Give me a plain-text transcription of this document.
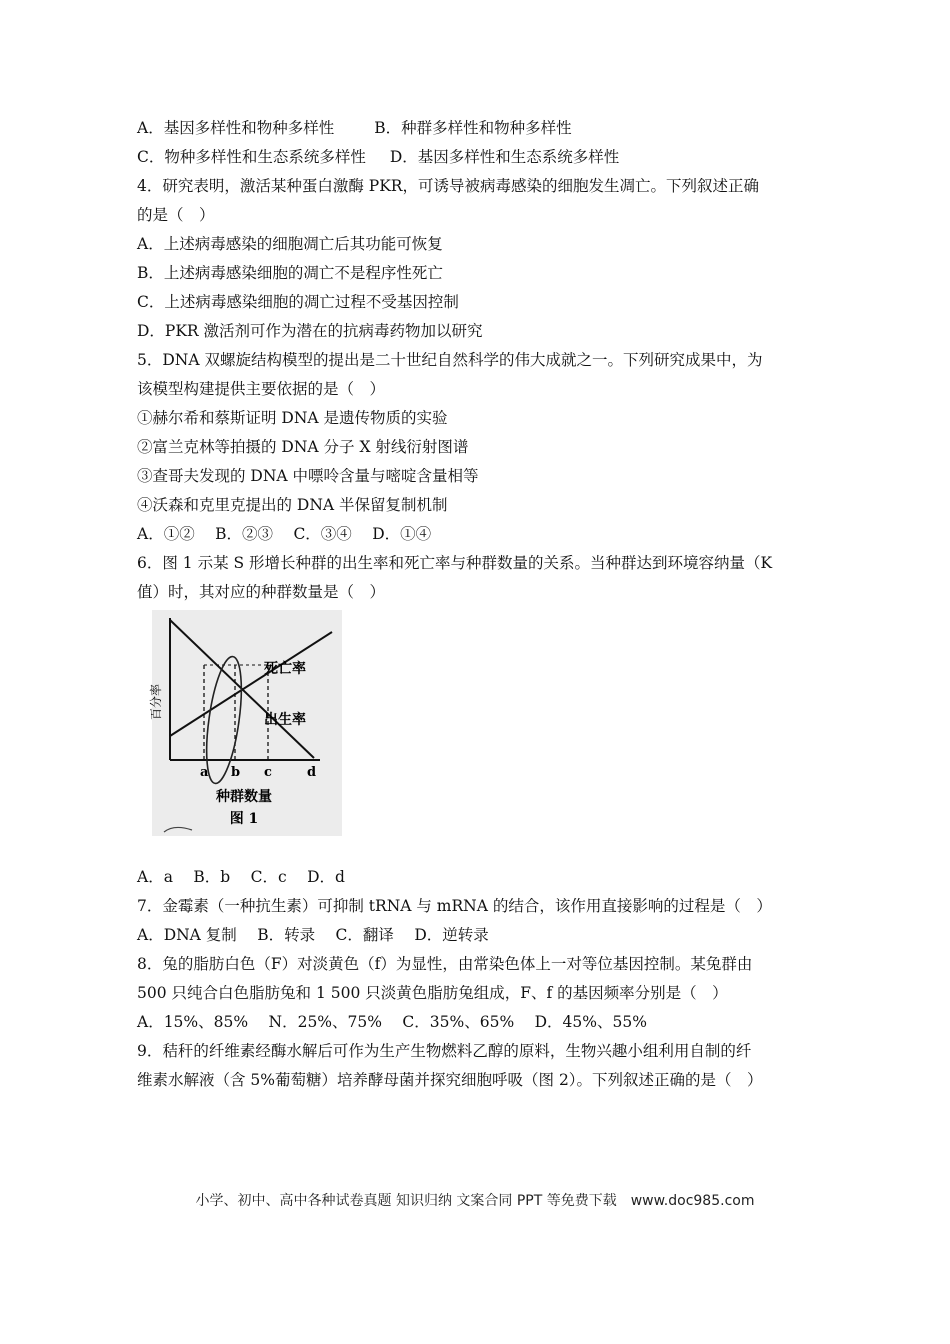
A．基因多样性和物种多样性	B．种群多样性和物种多样性
C．物种多样性和生态系统多样性 D．基因多样性和生态系统多样性
4．研究表明，激活某种蛋白激酶 PKR，可诱导被病毒感染的细胞发生凋亡。下列叙述正确
的是（　）
A．上述病毒感染的细胞凋亡后其功能可恢复
B．上述病毒感染细胞的凋亡不是程序性死亡
C．上述病毒感染细胞的凋亡过程不受基因控制
D．PKR 激活剂可作为潜在的抗病毒药物加以研究
5．DNA 双螺旋结构模型的提出是二十世纪自然科学的伟大成就之一。下列研究成果中，为
该模型构建提供主要依据的是（　）
①赫尔希和蔡斯证明 DNA 是遗传物质的实验
②富兰克林等拍摄的 DNA 分子 X 射线衍射图谱
③查哥夫发现的 DNA 中嘌呤含量与嘧啶含量相等
④沃森和克里克提出的 DNA 半保留复制机制
A．①②　 B．②③　 C．③④　 D．①④
6．图 1 示某 S 形增长种群的出生率和死亡率与种群数量的关系。当种群达到环境容纳量（K
值）时，其对应的种群数量是（　）
百分率
死亡率
出生率
a b c	d
种群数量
图 1
A．a　 B．b　 C．c　 D．d
7．金霉素（一种抗生素）可抑制 tRNA 与 mRNA 的结合，该作用直接影响的过程是（　）
A．DNA 复制　 B．转录　 C．翻译　 D．逆转录
8．兔的脂肪白色（F）对淡黄色（f）为显性，由常染色体上一对等位基因控制。某兔群由
500 只纯合白色脂肪兔和 1 500 只淡黄色脂肪兔组成，F、f 的基因频率分别是（　）
A．15%、85%　 N．25%、75%　 C．35%、65%　 D．45%、55%
9．秸秆的纤维素经酶水解后可作为生产生物燃料乙醇的原料，生物兴趣小组利用自制的纤
维素水解液（含 5%葡萄糖）培养酵母菌并探究细胞呼吸（图 2）。下列叙述正确的是（　）
小学、初中、高中各种试卷真题 知识归纳 文案合同 PPT 等免费下载　www.doc985.com
